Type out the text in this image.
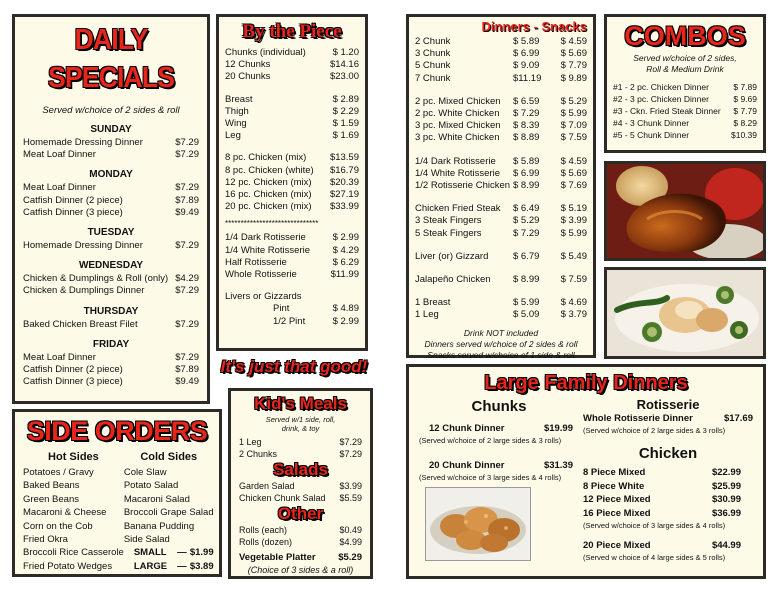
DAILY SPECIALS
Served w/choice of 2 sides & roll
SUNDAY
Homemade Dressing Dinner	$7.29
Meat Loaf Dinner	$7.29
MONDAY
Meat Loaf Dinner	$7.29
Catfish Dinner (2 piece)	$7.89
Catfish Dinner (3 piece)	$9.49
TUESDAY
Homemade Dressing Dinner	$7.29
WEDNESDAY
Chicken & Dumplings & Roll (only) $4.29
Chicken & Dumplings Dinner	$7.29
THURSDAY
Baked Chicken Breast Filet	$7.29
FRIDAY
Meat Loaf Dinner	$7.29
Catfish Dinner (2 piece)	$7.89
Catfish Dinner (3 piece)	$9.49
By the Piece
Chunks (individual)	$ 1.20
12 Chunks	$14.16
20 Chunks	$23.00
Breast	$ 2.89
Thigh	$ 2.29
Wing	$ 1.59
Leg	$ 1.69
8 pc. Chicken (mix) $13.59
8 pc. Chicken (white) $16.79
12 pc. Chicken (mix) $20.39
16 pc. Chicken (mix) $27.19
20 pc. Chicken (mix) $33.99
******************************
1/4 Dark Rotisserie	$ 2.99
1/4 White Rotisserie $ 4.29
Half Rotisserie	$ 6.29
Whole Rotisserie	$11.99
Livers or Gizzards
Pint	$ 4.89
1/2 Pint	$ 2.99
It's just that good!
Dinners - Snacks
2 Chunk	$ 5.89	$ 4.59
3 Chunk	$ 6.99	$ 5.69
5 Chunk	$ 9.09	$ 7.79
7 Chunk	$11.19	$ 9.89
2 pc. Mixed Chicken	$ 6.59	$ 5.29
2 pc. White Chicken	$ 7.29	$ 5.99
3 pc. Mixed Chicken	$ 8.39	$ 7.09
3 pc. White Chicken	$ 8.89	$ 7.59
1/4 Dark Rotisserie	$ 5.89	$ 4.59
1/4 White Rotisserie	$ 6.99	$ 5.69
1/2 Rotisserie Chicken $ 8.99	$ 7.69
Chicken Fried Steak	$ 6.49	$ 5.19
3 Steak Fingers	$ 5.29	$ 3.99
5 Steak Fingers	$ 7.29	$ 5.99
Liver (or) Gizzard	$ 6.79	$ 5.49
Jalapeño Chicken	$ 8.99	$ 7.59
1 Breast	$ 5.99	$ 4.69
1 Leg	$ 5.09	$ 3.79
Drink NOT included
Dinners served w/choice of 2 sides & roll
Snacks served w/choice of 1 side & roll
COMBOS
Served w/choice of 2 sides,
Roll & Medium Drink
#1 - 2 pc. Chicken Dinner	$ 7.89
#2 - 3 pc. Chicken Dinner	$ 9.69
#3 - Ckn. Fried Steak Dinner $ 7.79
#4 - 3 Chunk Dinner	$ 8.29
#5 - 5 Chunk Dinner	$10.39
SIDE ORDERS
Hot Sides
Potatoes / Gravy
Baked Beans
Green Beans
Macaroni & Cheese
Corn on the Cob
Fried Okra
Broccoli Rice Casserole
Fried Potato Wedges
Cold Sides
Cole Slaw
Potato Salad
Macaroni Salad
Broccoli Grape Salad
Banana Pudding
Side Salad
SMALL	— $1.99
LARGE	— $3.89
Kid's Meals
Served w/1 side, roll,
drink, & toy
1 Leg	$7.29
2 Chunks	$7.29
Salads
Garden Salad	$3.99
Chicken Chunk Salad $5.59
Other
Rolls (each)	$0.49
Rolls (dozen)	$4.99
Vegetable Platter $5.29
(Choice of 3 sides & a roll)
Large Family Dinners
Chunks
12 Chunk Dinner	$19.99
(Served w/choice of 2 large sides & 3 rolls)
20 Chunk Dinner	$31.39
(Served w/choice of 3 large sides & 4 rolls)
Rotisserie
Whole Rotisserie Dinner	$17.69
(Served w/choice of 2 large sides & 3 rolls)
Chicken
8 Piece Mixed	$22.99
8 Piece White	$25.99
12 Piece Mixed	$30.99
16 Piece Mixed	$36.99
(Served w/choice of 3 large sides & 4 rolls)
20 Piece Mixed	$44.99
(Served w choice of 4 large sides & 5 rolls)
